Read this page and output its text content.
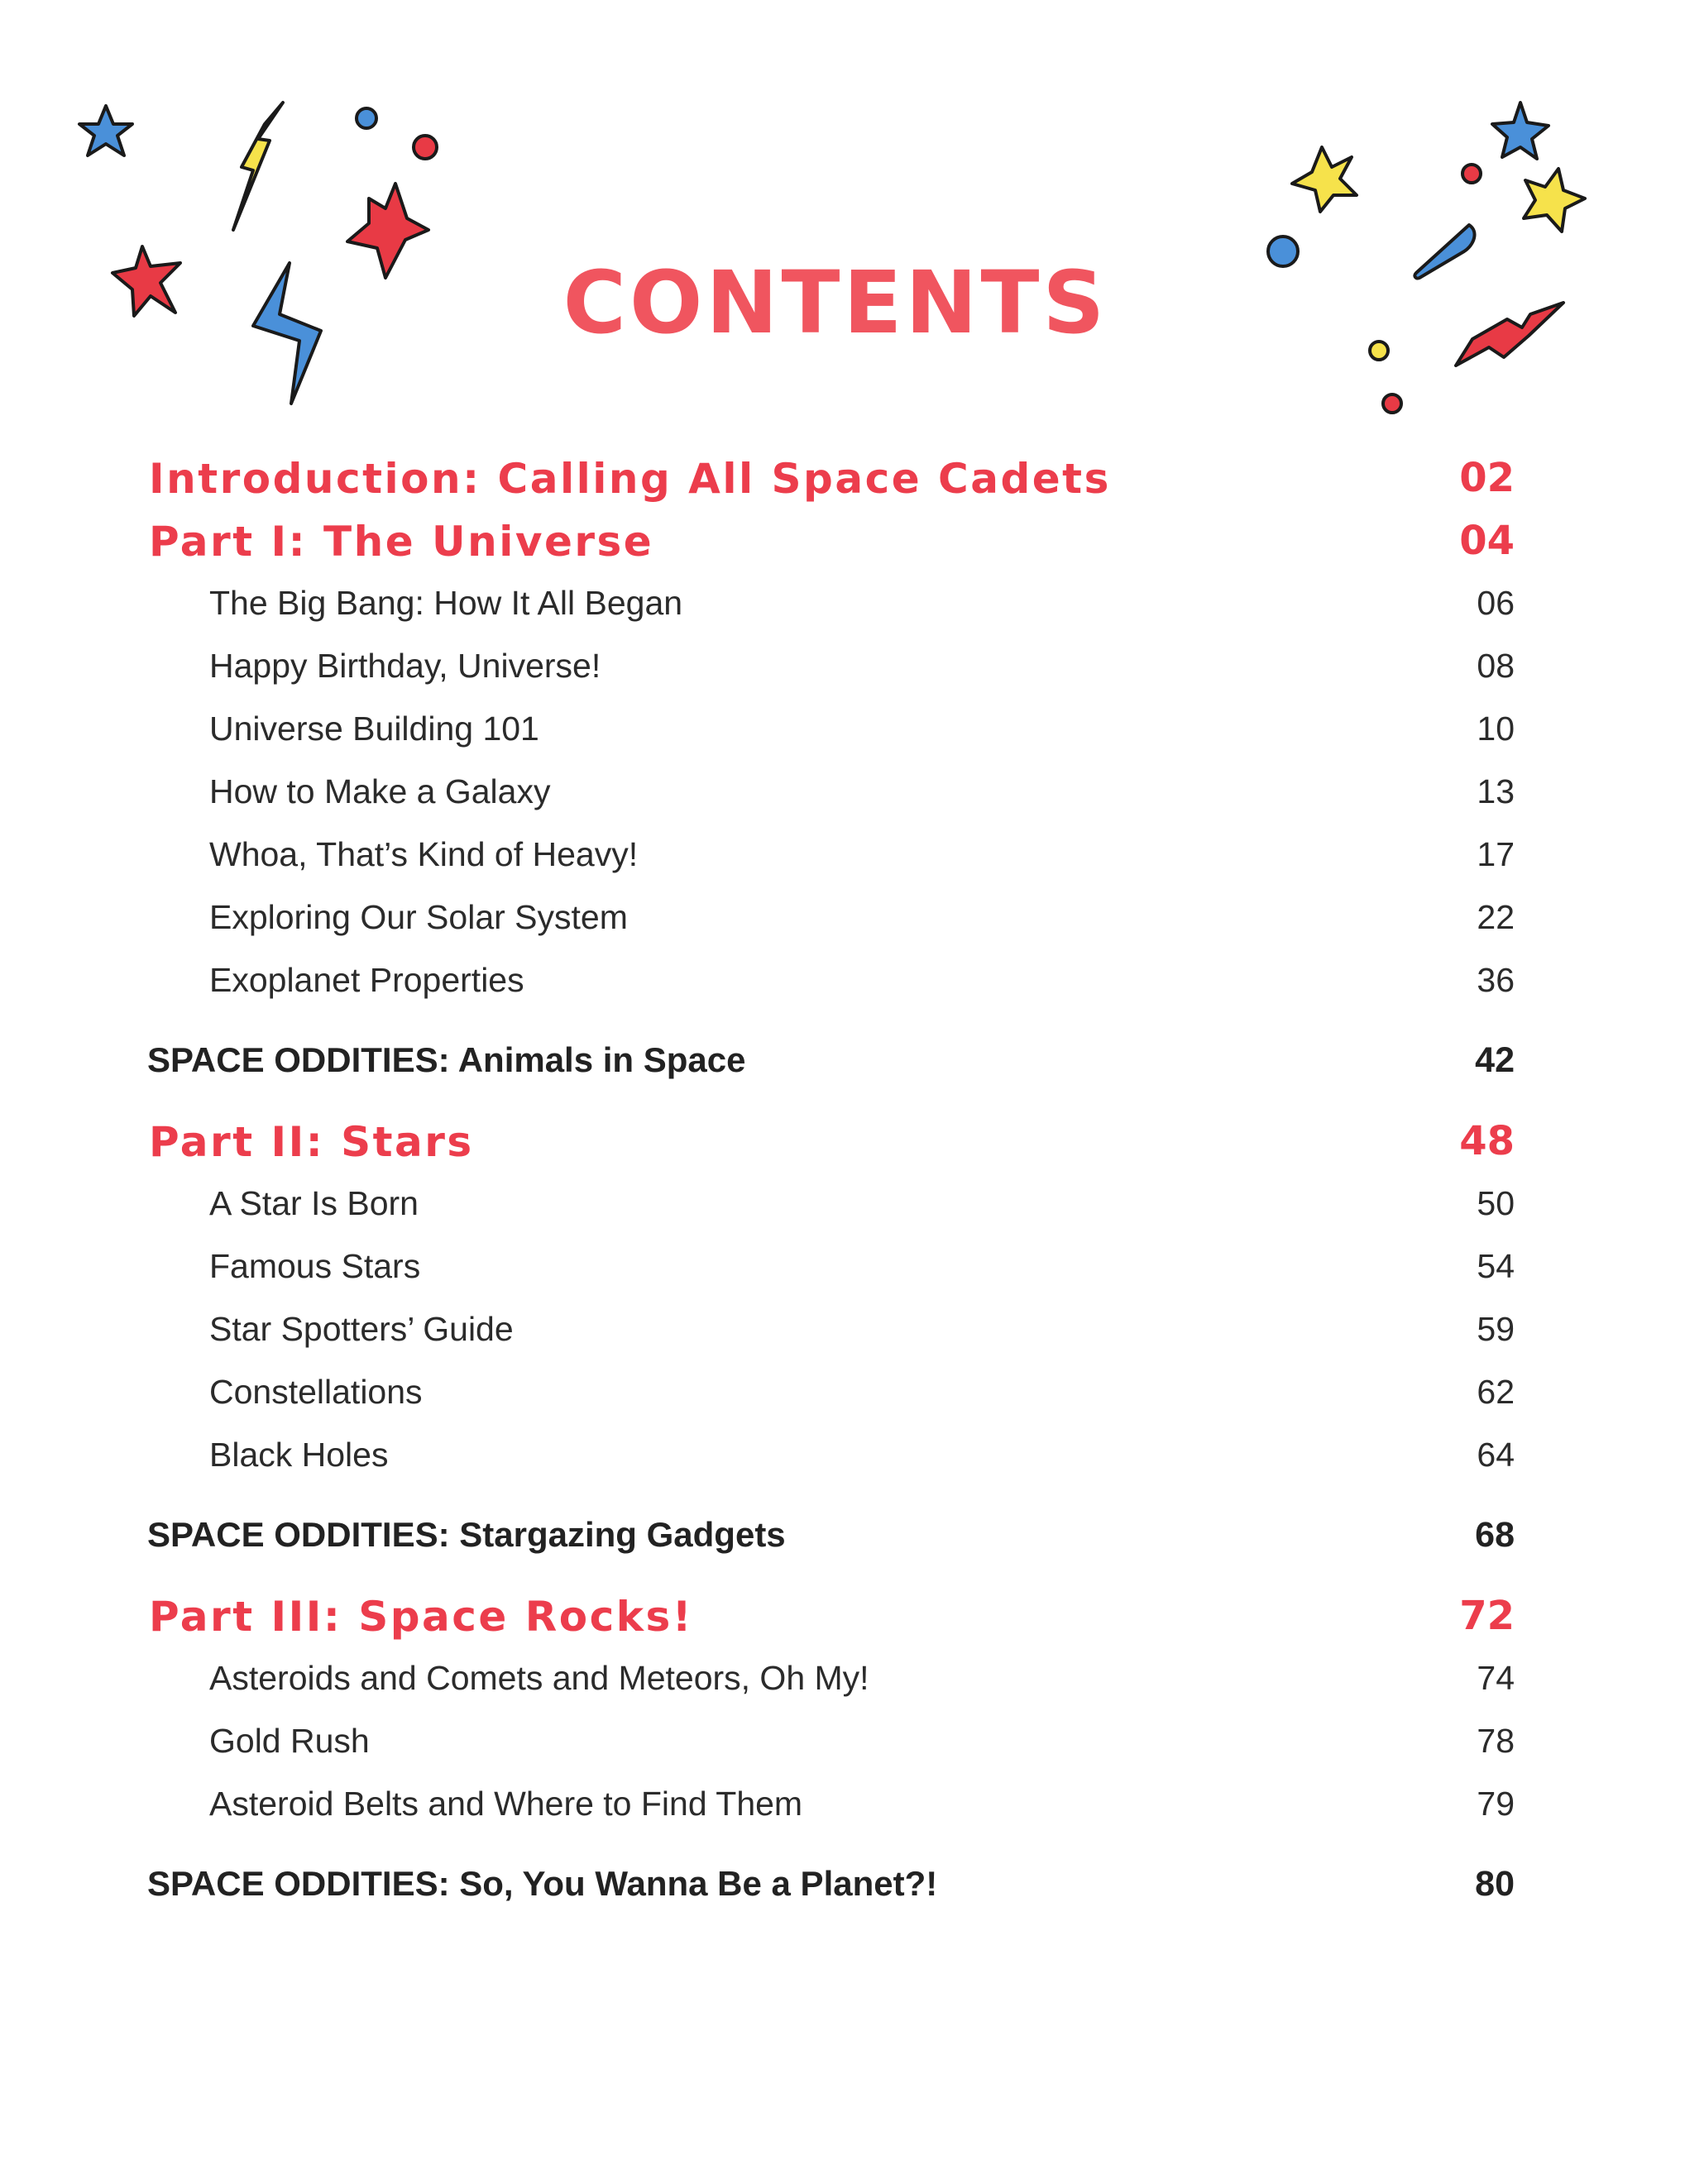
CONTENTS
Introduction: Calling All Space Cadets	02
Part I: The Universe	04
The Big Bang: How It All Began	06
Happy Birthday, Universe!	08
Universe Building 101	10
How to Make a Galaxy	13
Whoa, That’s Kind of Heavy!	17
Exploring Our Solar System	22
Exoplanet Properties	36
SPACE ODDITIES: Animals in Space	42
Part II: Stars	48
A Star Is Born	50
Famous Stars	54
Star Spotters’ Guide	59
Constellations	62
Black Holes	64
SPACE ODDITIES: Stargazing Gadgets	68
Part III: Space Rocks!	72
Asteroids and Comets and Meteors, Oh My!	74
Gold Rush	78
Asteroid Belts and Where to Find Them	79
SPACE ODDITIES: So, You Wanna Be a Planet?!	80
